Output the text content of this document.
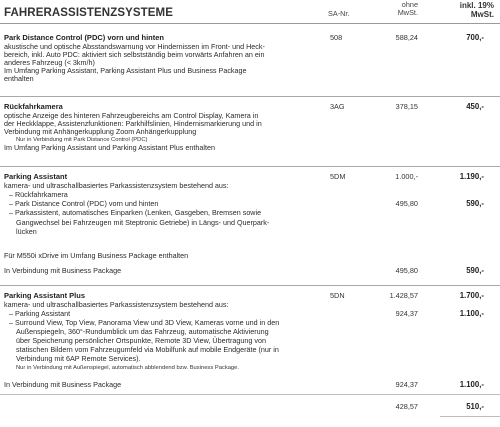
FAHRERASSISTENZSYSTEME	SA-Nr.
ohne
MwSt.
inkl. 19%
MwSt.
Park Distance Control (PDC) vorn und hinten	508	588,24	700,-
akustische und optische Absstandswarnung vor Hindernissen im Front- und Heck-
bereich, inkl. Auto PDC: aktiviert sich selbstständig beim vorwärts Anfahren an ein
anderes Fahrzeug (< 3km/h)
Im Umfang Parking Assistant, Parking Assistant Plus und Business Package
enthalten
Rückfahrkamera	3AG	378,15	450,-
optische Anzeige des hinteren Fahrzeugbereichs am Control Display, Kamera in
der Heckklappe, Assistenzfunktionen: Parkhilfslinien, Hindernismarkierung und in
Verbindung mit Anhängerkupplung Zoom Anhängerkupplung
Nur in Verbindung mit Park Distance Control (PDC)
Im Umfang Parking Assistant und Parking Assistant Plus enthalten
Parking Assistant	5DM	1.000,-	1.190,-
kamera- und ultraschallbasiertes Parkassistenzsystem bestehend aus:
– Rückfahrkamera
– Park Distance Control (PDC) vorn und hinten	495,80	590,-
– Parkassistent, automatisches Einparken (Lenken, Gasgeben, Bremsen sowie
Gangwechsel bei Fahrzeugen mit Steptronic Getriebe) in Längs- und Querpark-
lücken
Für M550i xDrive im Umfang Business Package enthalten
In Verbindung mit Business Package	495,80	590,-
Parking Assistant Plus	5DN	1.428,57	1.700,-
kamera- und ultraschallbasiertes Parkassistenzsystem bestehend aus:
– Parking Assistant	924,37	1.100,-
– Surround View, Top View, Panorama View und 3D View, Kameras vorne und in den
Außenspiegeln, 360°-Rundumblick um das Fahrzeug, automatische Aktivierung
über Speicherung persönlicher Ortspunkte, Remote 3D View, Übertragung von
statischen Bildern vom Fahrzeugumfeld via Mobilfunk auf mobile Endgeräte (nur in
Verbindung mit 6AP Remote Services).
Nur in Verbindung mit Außenspiegel, automatisch abblendend bzw. Business Package.
In Verbindung mit Business Package	924,37	1.100,-
428,57	510,-
